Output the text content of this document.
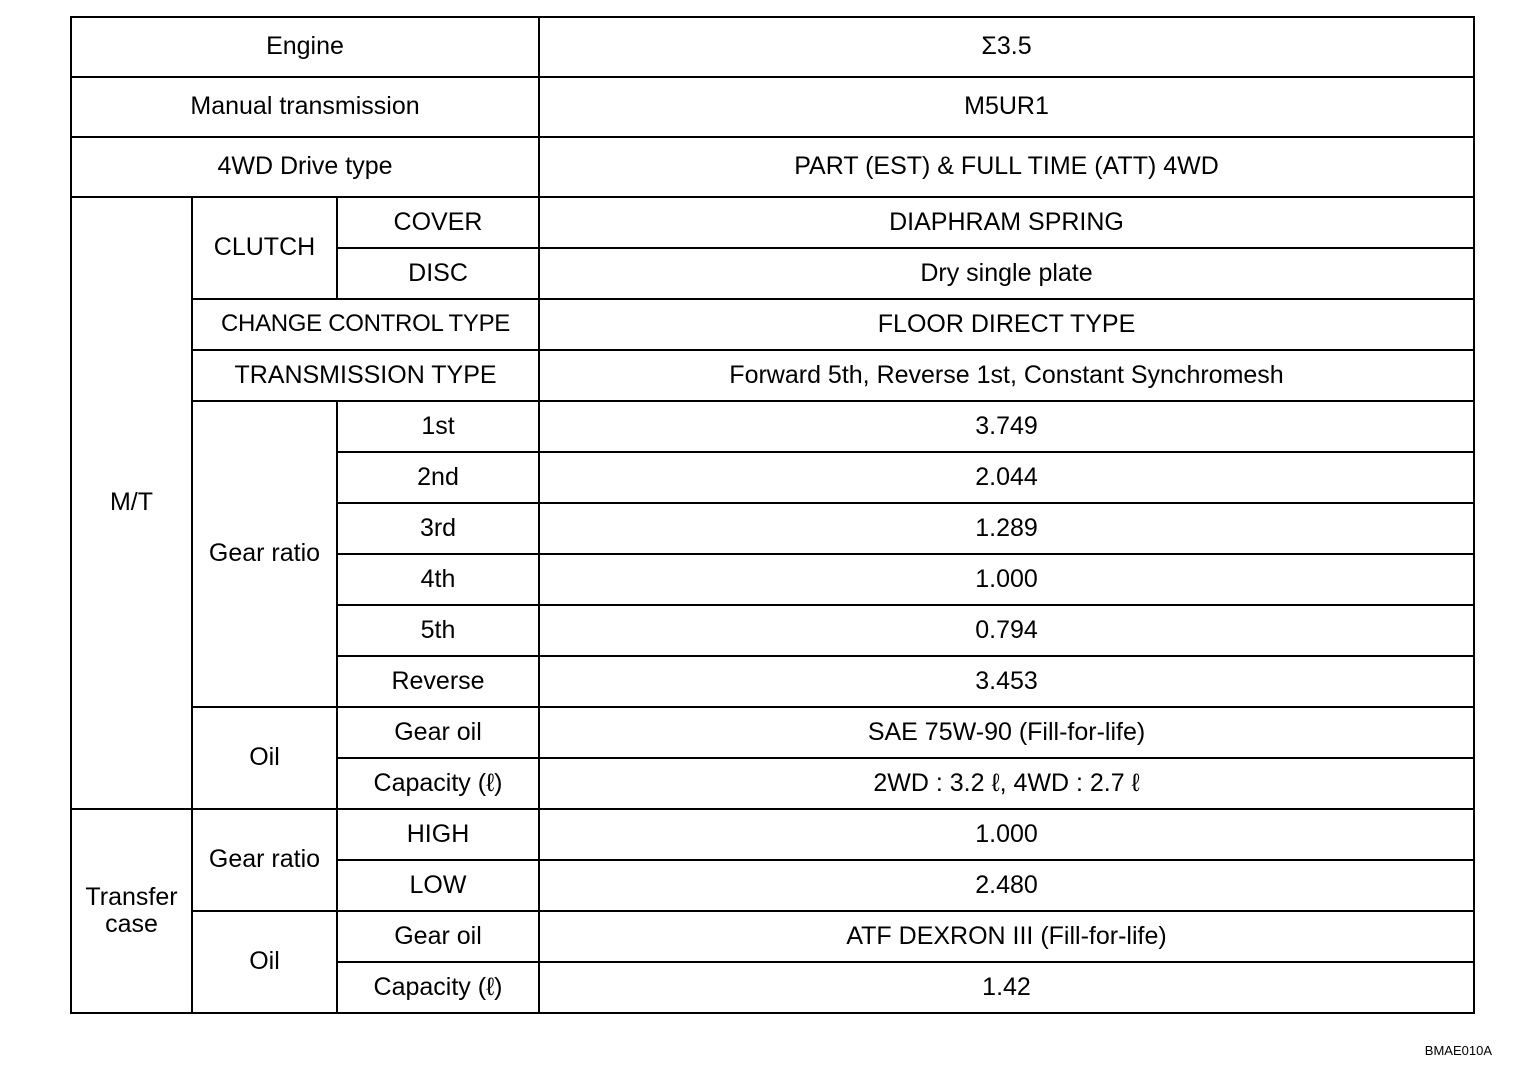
Engine			Σ3.5
Manual transmission			M5UR1
4WD Drive type			PART (EST) & FULL TIME (ATT) 4WD
M/T	CLUTCH	COVER	DIAPHRAM SPRING
		DISC	Dry single plate
	CHANGE CONTROL TYPE		FLOOR DIRECT TYPE
	TRANSMISSION TYPE		Forward 5th, Reverse 1st, Constant Synchromesh
	Gear ratio	1st	3.749
		2nd	2.044
		3rd	1.289
		4th	1.000
		5th	0.794
		Reverse	3.453
	Oil	Gear oil	SAE 75W-90 (Fill-for-life)
		Capacity (ℓ)	2WD : 3.2 ℓ, 4WD : 2.7 ℓ
Transfer case	Gear ratio	HIGH	1.000
		LOW	2.480
	Oil	Gear oil	ATF DEXRON III (Fill-for-life)
		Capacity (ℓ)	1.42
BMAE010A
